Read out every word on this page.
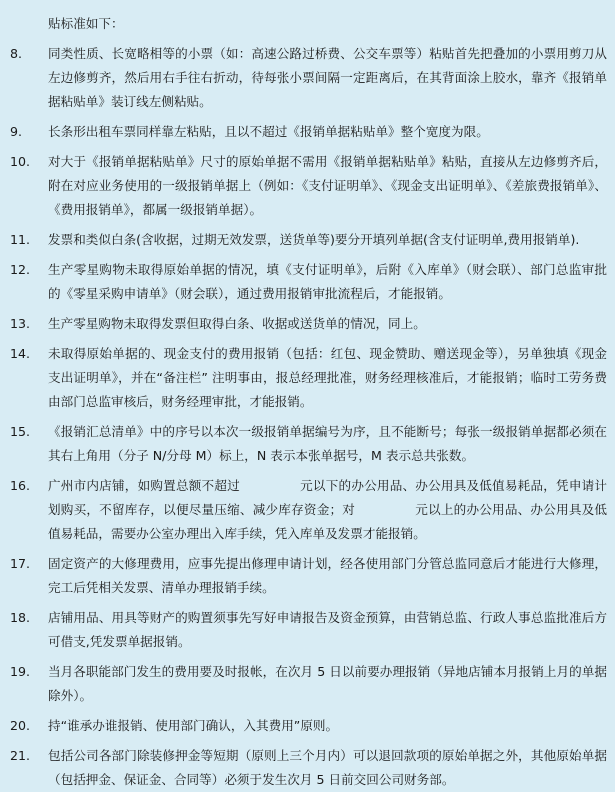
贴标准如下：
8.	同类性质、长宽略相等的小票（如：高速公路过桥费、公交车票等）粘贴首先把叠加的小票用剪刀从左边修剪齐，然后用右手往右折动，待每张小票间隔一定距离后，在其背面涂上胶水，靠齐《报销单据粘贴单》装订线左侧粘贴。
9.	长条形出租车票同样靠左粘贴，且以不超过《报销单据粘贴单》整个宽度为限。
10.	对大于《报销单据粘贴单》尺寸的原始单据不需用《报销单据粘贴单》粘贴，直接从左边修剪齐后，附在对应业务使用的一级报销单据上（例如：《支付证明单》、《现金支出证明单》、《差旅费报销单》、《费用报销单》，都属一级报销单据）。
11.	发票和类似白条(含收据，过期无效发票，送货单等)要分开填列单据(含支付证明单,费用报销单).
12.	生产零星购物未取得原始单据的情况，填《支付证明单》，后附《入库单》（财会联）、部门总监审批的《零星采购申请单》（财会联），通过费用报销审批流程后，才能报销。
13.	生产零星购物未取得发票但取得白条、收据或送货单的情况，同上。
14.	未取得原始单据的、现金支付的费用报销（包括：红包、现金赞助、赠送现金等），另单独填《现金支出证明单》，并在“备注栏” 注明事由，报总经理批准，财务经理核准后，才能报销；临时工劳务费由部门总监审核后，财务经理审批，才能报销。
15.	《报销汇总清单》中的序号以本次一级报销单据编号为序，且不能断号；每张一级报销单据都必须在其右上角用（分子 N/分母 M）标上，N 表示本张单据号，M 表示总共张数。
16.	广州市内店铺，如购置总额不超过	元以下的办公用品、办公用具及低值易耗品，凭申请计划购买，不留库存，以便尽量压缩、减少库存资金；对	元以上的办公用品、办公用具及低值易耗品，需要办公室办理出入库手续，凭入库单及发票才能报销。
17.	固定资产的大修理费用，应事先提出修理申请计划，经各使用部门分管总监同意后才能进行大修理，完工后凭相关发票、清单办理报销手续。
18.	店铺用品、用具等财产的购置须事先写好申请报告及资金预算，由营销总监、行政人事总监批准后方可借支,凭发票单据报销。
19.	当月各职能部门发生的费用要及时报帐，在次月 5 日以前要办理报销（异地店铺本月报销上月的单据除外）。
20.	持“谁承办谁报销、使用部门确认，入其费用”原则。
21.	包括公司各部门除装修押金等短期（原则上三个月内）可以退回款项的原始单据之外，其他原始单据（包括押金、保证金、合同等）必须于发生次月 5 日前交回公司财务部。
